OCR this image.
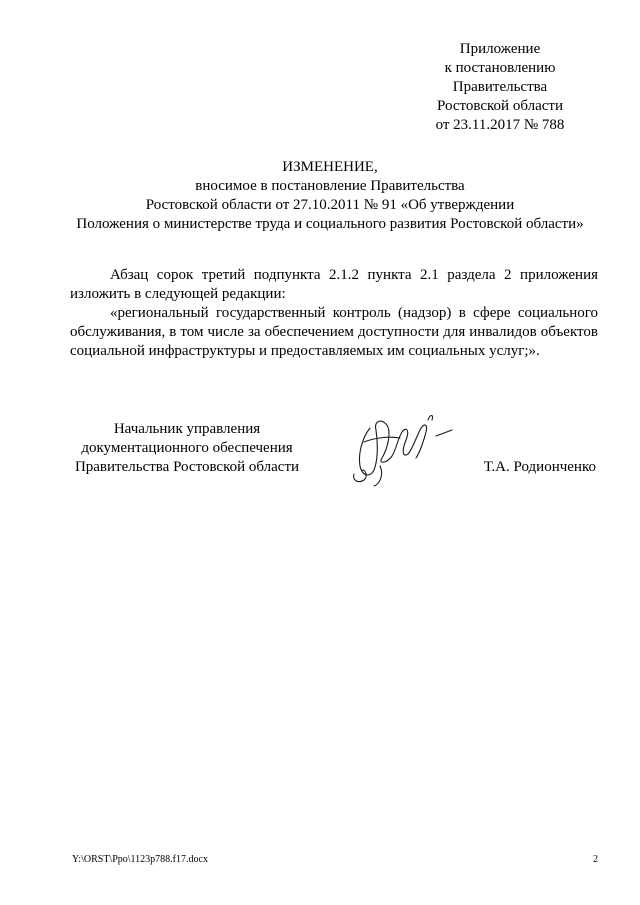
Приложение
к постановлению
Правительства
Ростовской области
от 23.11.2017 № 788
ИЗМЕНЕНИЕ,
вносимое в постановление Правительства
Ростовской области от 27.10.2011 № 91 «Об утверждении
Положения о министерстве труда и социального развития Ростовской области»

Абзац сорок третий подпункта 2.1.2 пункта 2.1 раздела 2 приложения

изложить в следующей редакции:

«региональный государственный контроль (надзор) в сфере социального обслуживания, в том числе за обеспечением доступности для инвалидов объектов социальной инфраструктуры и предоставляемых им социальных услуг;».

Начальник управления
документационного обеспечения
Правительства Ростовской области	Т.А. Родионченко
Y:\ORST\Ppo\1123p788.f17.docx	2
